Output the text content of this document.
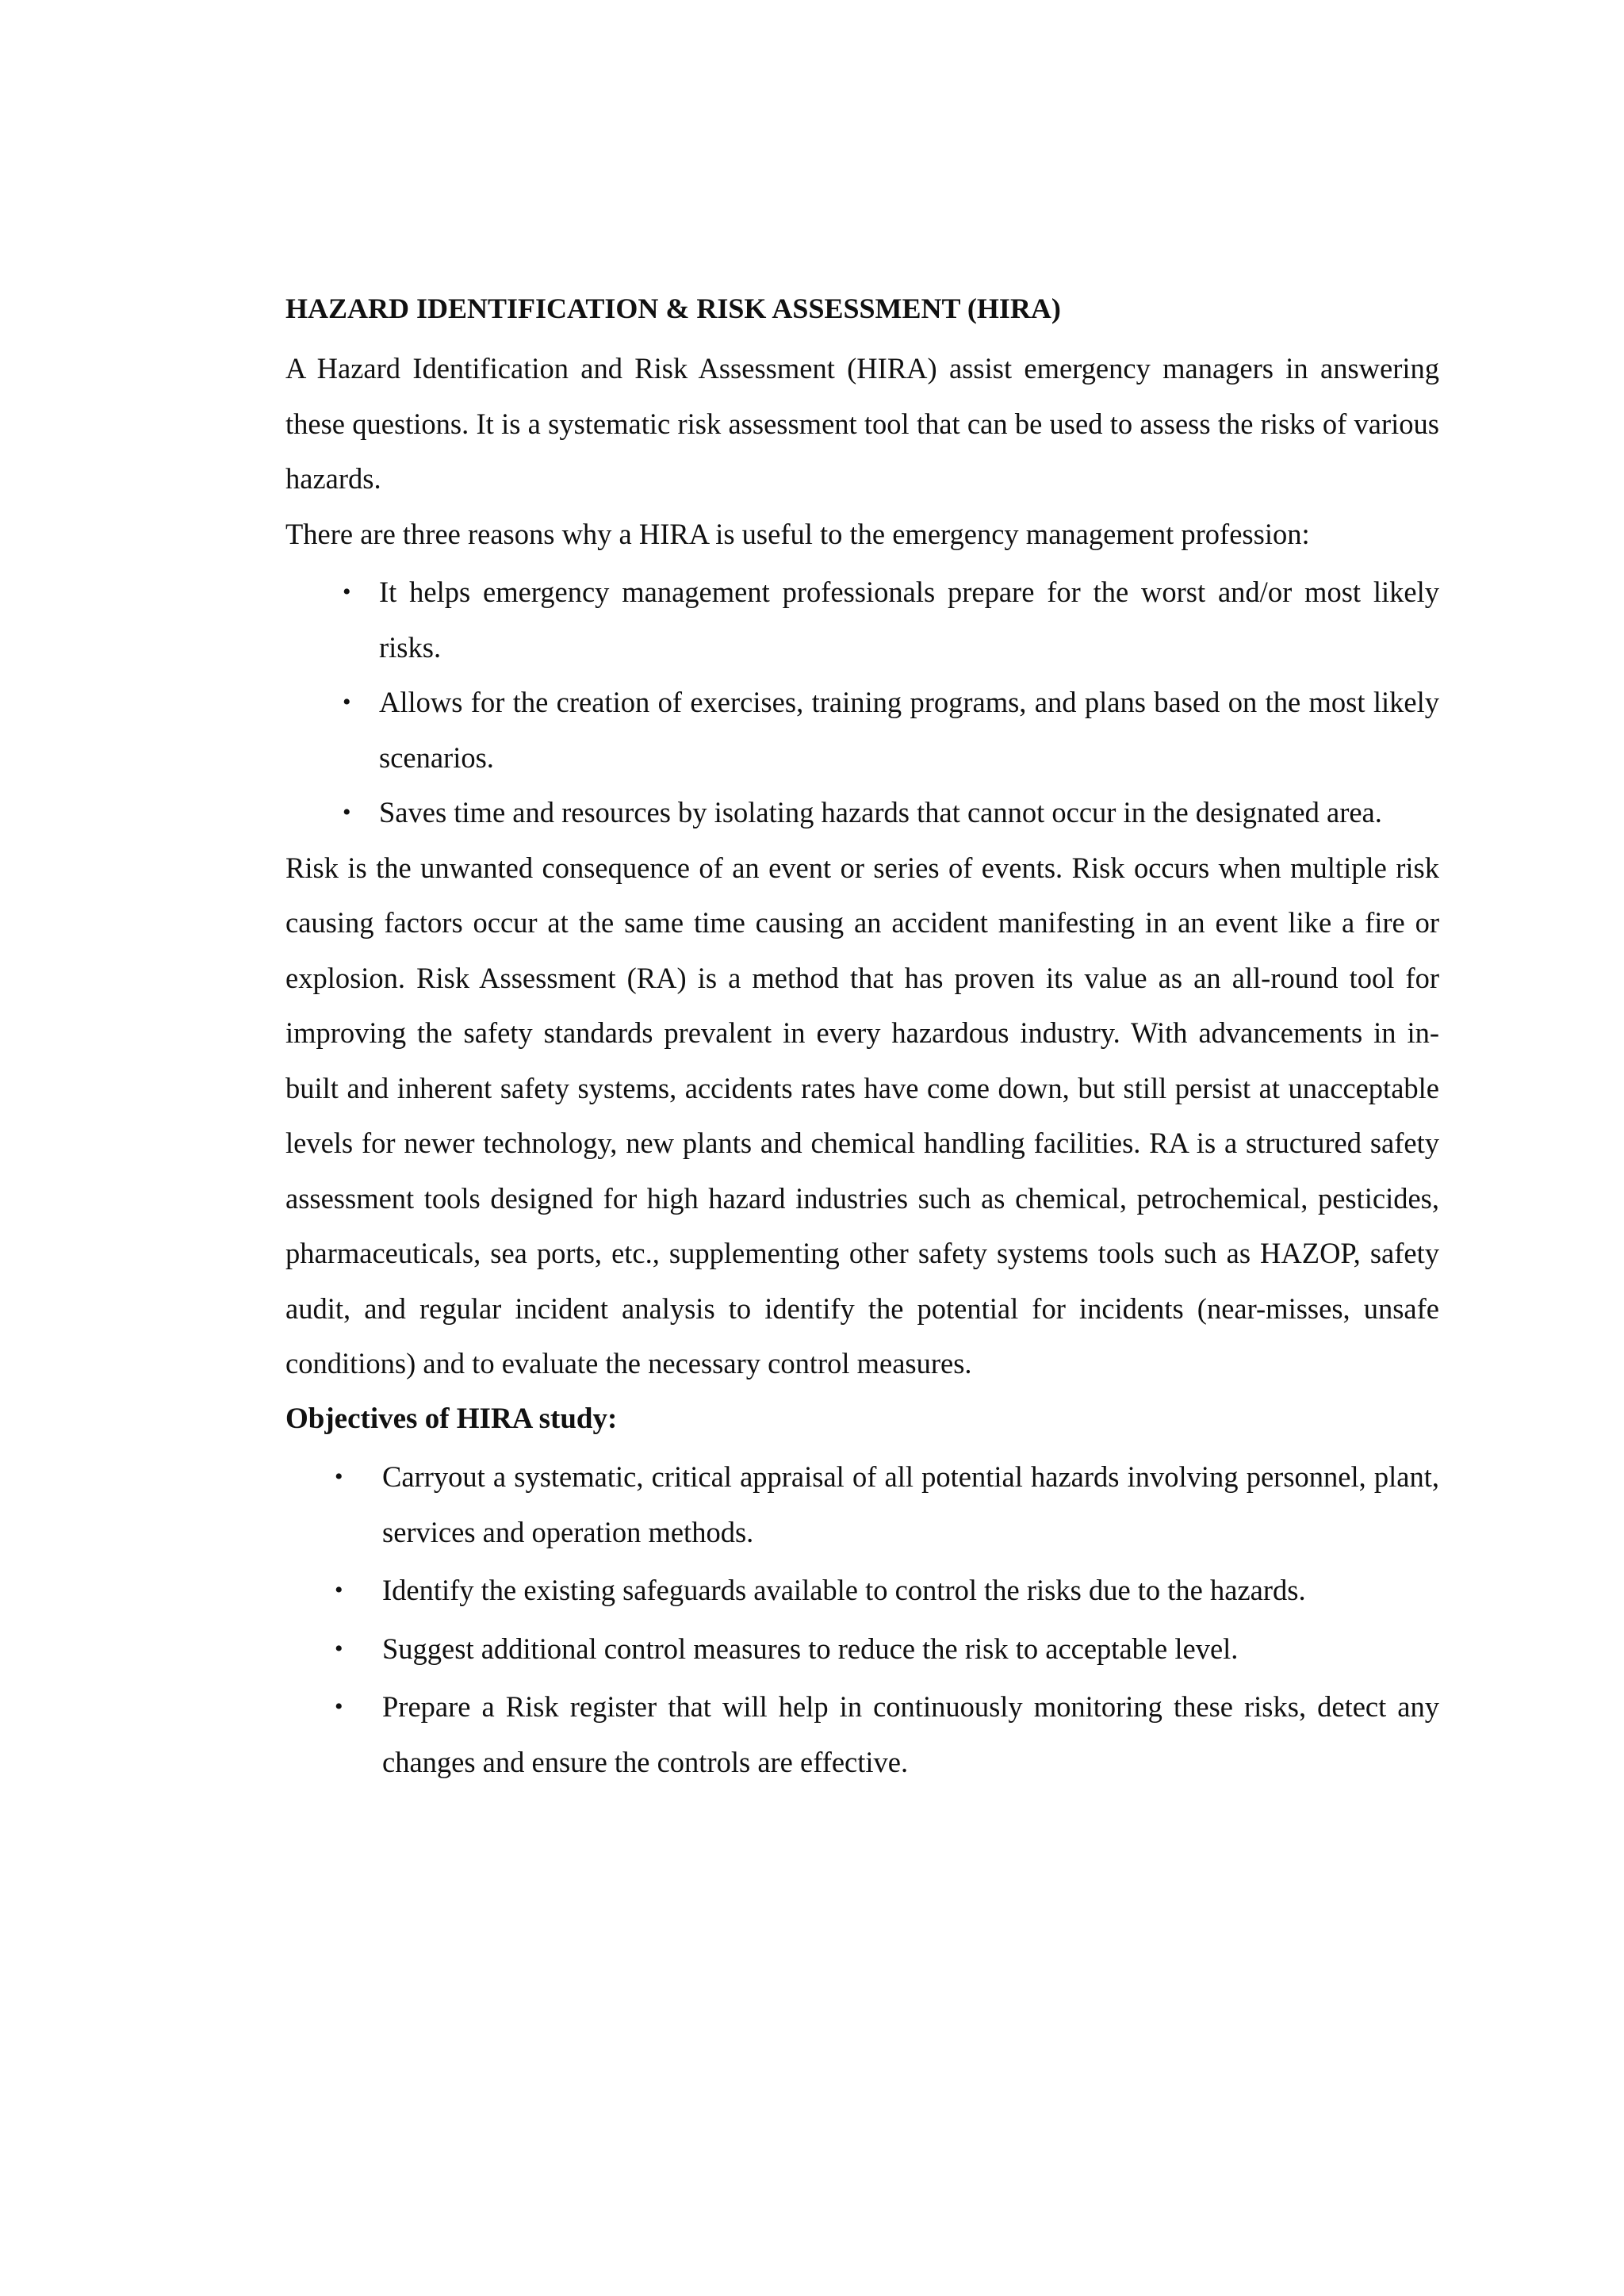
HAZARD IDENTIFICATION & RISK ASSESSMENT (HIRA)

A Hazard Identification and Risk Assessment (HIRA) assist emergency managers in answering these questions. It is a systematic risk assessment tool that can be used to assess the risks of various hazards.

There are three reasons why a HIRA is useful to the emergency management profession:

• It helps emergency management professionals prepare for the worst and/or most likely risks.
• Allows for the creation of exercises, training programs, and plans based on the most likely scenarios.
• Saves time and resources by isolating hazards that cannot occur in the designated area.

Risk is the unwanted consequence of an event or series of events. Risk occurs when multiple risk causing factors occur at the same time causing an accident manifesting in an event like a fire or explosion. Risk Assessment (RA) is a method that has proven its value as an all-round tool for improving the safety standards prevalent in every hazardous industry. With advancements in in-built and inherent safety systems, accidents rates have come down, but still persist at unacceptable levels for newer technology, new plants and chemical handling facilities. RA is a structured safety assessment tools designed for high hazard industries such as chemical, petrochemical, pesticides, pharmaceuticals, sea ports, etc., supplementing other safety systems tools such as HAZOP, safety audit, and regular incident analysis to identify the potential for incidents (near-misses, unsafe conditions) and to evaluate the necessary control measures.

Objectives of HIRA study:

• Carryout a systematic, critical appraisal of all potential hazards involving personnel, plant, services and operation methods.
• Identify the existing safeguards available to control the risks due to the hazards.
• Suggest additional control measures to reduce the risk to acceptable level.
• Prepare a Risk register that will help in continuously monitoring these risks, detect any changes and ensure the controls are effective.
